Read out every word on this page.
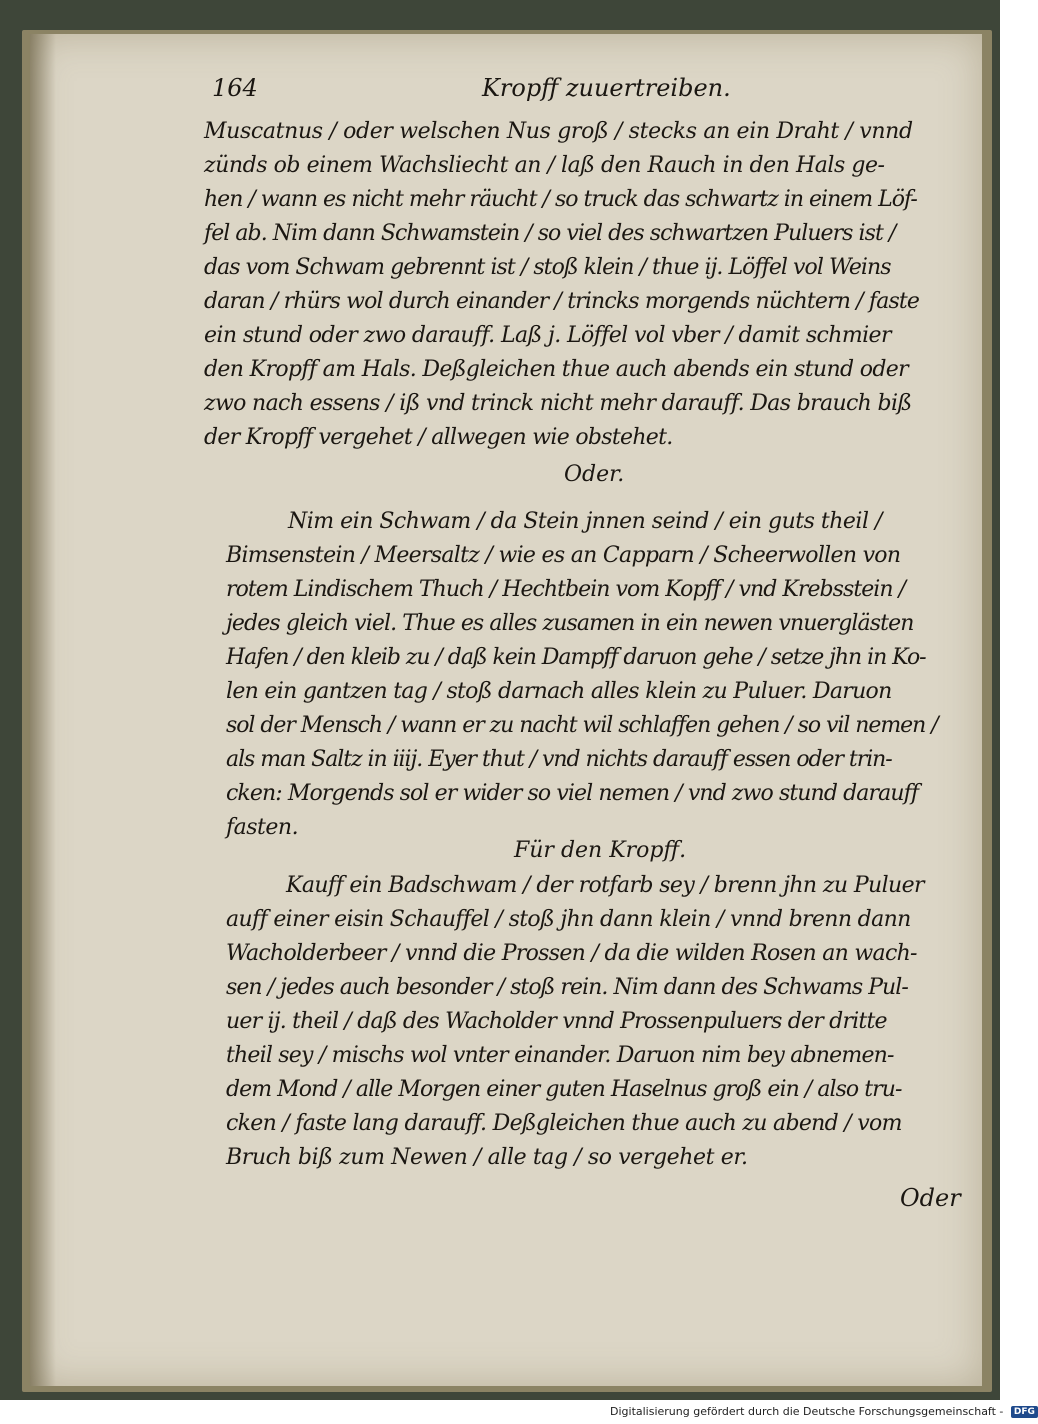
164	Kropff zuuertreiben.
Muscatnus / oder welschen Nus groß / stecks an ein Draht / vnnd
zünds ob einem Wachsliecht an / laß den Rauch in den Hals ge-
hen / wann es nicht mehr räucht / so truck das schwartz in einem Löf-
fel ab. Nim dann Schwamstein / so viel des schwartzen Puluers ist /
das vom Schwam gebrennt ist / stoß klein / thue ij. Löffel vol Weins
daran / rhürs wol durch einander / trincks morgends nüchtern / faste
ein stund oder zwo darauff. Laß j. Löffel vol vber / damit schmier
den Kropff am Hals. Deßgleichen thue auch abends ein stund oder
zwo nach essens / iß vnd trinck nicht mehr darauff. Das brauch biß
der Kropff vergehet / allwegen wie obstehet.
Oder.
Nim ein Schwam / da Stein jnnen seind / ein guts theil /
Bimsenstein / Meersaltz / wie es an Capparn / Scheerwollen von
rotem Lindischem Thuch / Hechtbein vom Kopff / vnd Krebsstein /
jedes gleich viel. Thue es alles zusamen in ein newen vnuerglästen
Hafen / den kleib zu / daß kein Dampff daruon gehe / setze jhn in Ko-
len ein gantzen tag / stoß darnach alles klein zu Puluer. Daruon
sol der Mensch / wann er zu nacht wil schlaffen gehen / so vil nemen /
als man Saltz in iiij. Eyer thut / vnd nichts darauff essen oder trin-
cken: Morgends sol er wider so viel nemen / vnd zwo stund darauff
fasten.
Für den Kropff.
Kauff ein Badschwam / der rotfarb sey / brenn jhn zu Puluer
auff einer eisin Schauffel / stoß jhn dann klein / vnnd brenn dann
Wacholderbeer / vnnd die Prossen / da die wilden Rosen an wach-
sen / jedes auch besonder / stoß rein. Nim dann des Schwams Pul-
uer ij. theil / daß des Wacholder vnnd Prossenpuluers der dritte
theil sey / mischs wol vnter einander. Daruon nim bey abnemen-
dem Mond / alle Morgen einer guten Haselnus groß ein / also tru-
cken / faste lang darauff. Deßgleichen thue auch zu abend / vom
Bruch biß zum Newen / alle tag / so vergehet er.
Oder
Digitalisierung gefördert durch die Deutsche Forschungsgemeinschaft - DFG
